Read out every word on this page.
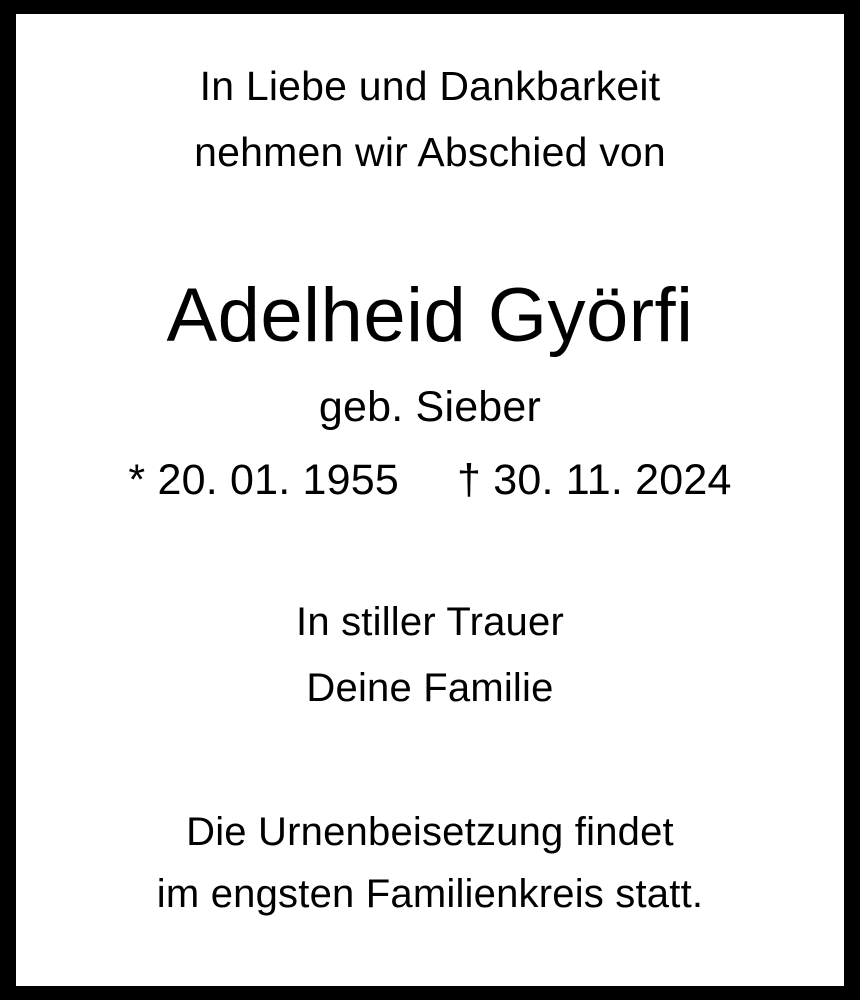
In Liebe und Dankbarkeit
nehmen wir Abschied von
Adelheid Györfi
geb. Sieber
* 20. 01. 1955 † 30. 11. 2024
In stiller Trauer
Deine Familie
Die Urnenbeisetzung findet
im engsten Familienkreis statt.
